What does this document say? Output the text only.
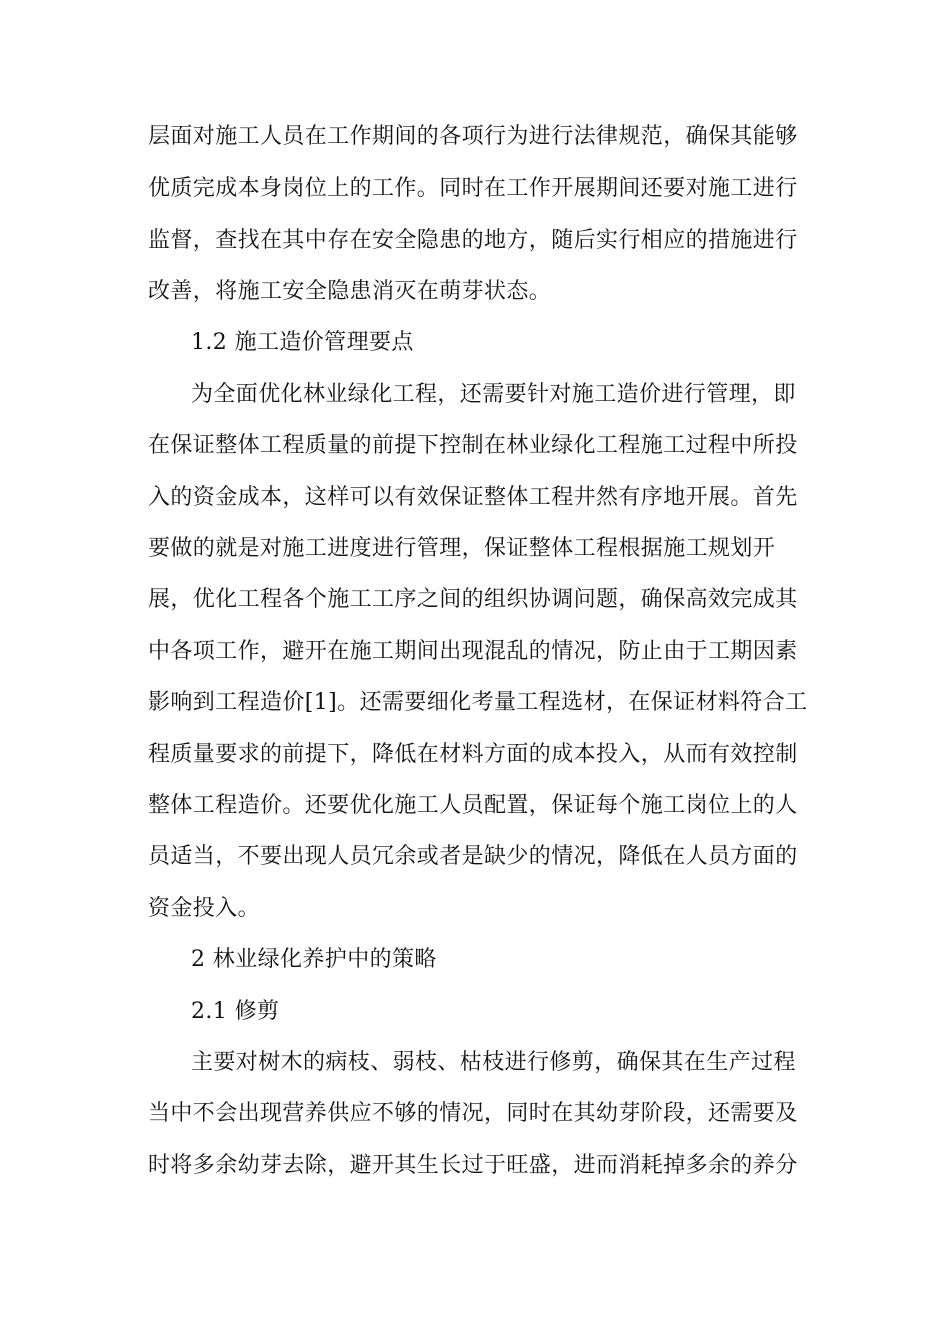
层面对施工人员在工作期间的各项行为进行法律规范，确保其能够
优质完成本身岗位上的工作。同时在工作开展期间还要对施工进行
监督，查找在其中存在安全隐患的地方，随后实行相应的措施进行
改善，将施工安全隐患消灭在萌芽状态。
1.2 施工造价管理要点
为全面优化林业绿化工程，还需要针对施工造价进行管理，即
在保证整体工程质量的前提下控制在林业绿化工程施工过程中所投
入的资金成本，这样可以有效保证整体工程井然有序地开展。首先
要做的就是对施工进度进行管理，保证整体工程根据施工规划开
展，优化工程各个施工工序之间的组织协调问题，确保高效完成其
中各项工作，避开在施工期间出现混乱的情况，防止由于工期因素
影响到工程造价[1]。还需要细化考量工程选材，在保证材料符合工
程质量要求的前提下，降低在材料方面的成本投入，从而有效控制
整体工程造价。还要优化施工人员配置，保证每个施工岗位上的人
员适当，不要出现人员冗余或者是缺少的情况，降低在人员方面的
资金投入。
2 林业绿化养护中的策略
2.1 修剪
主要对树木的病枝、弱枝、枯枝进行修剪，确保其在生产过程
当中不会出现营养供应不够的情况，同时在其幼芽阶段，还需要及
时将多余幼芽去除，避开其生长过于旺盛，进而消耗掉多余的养分
